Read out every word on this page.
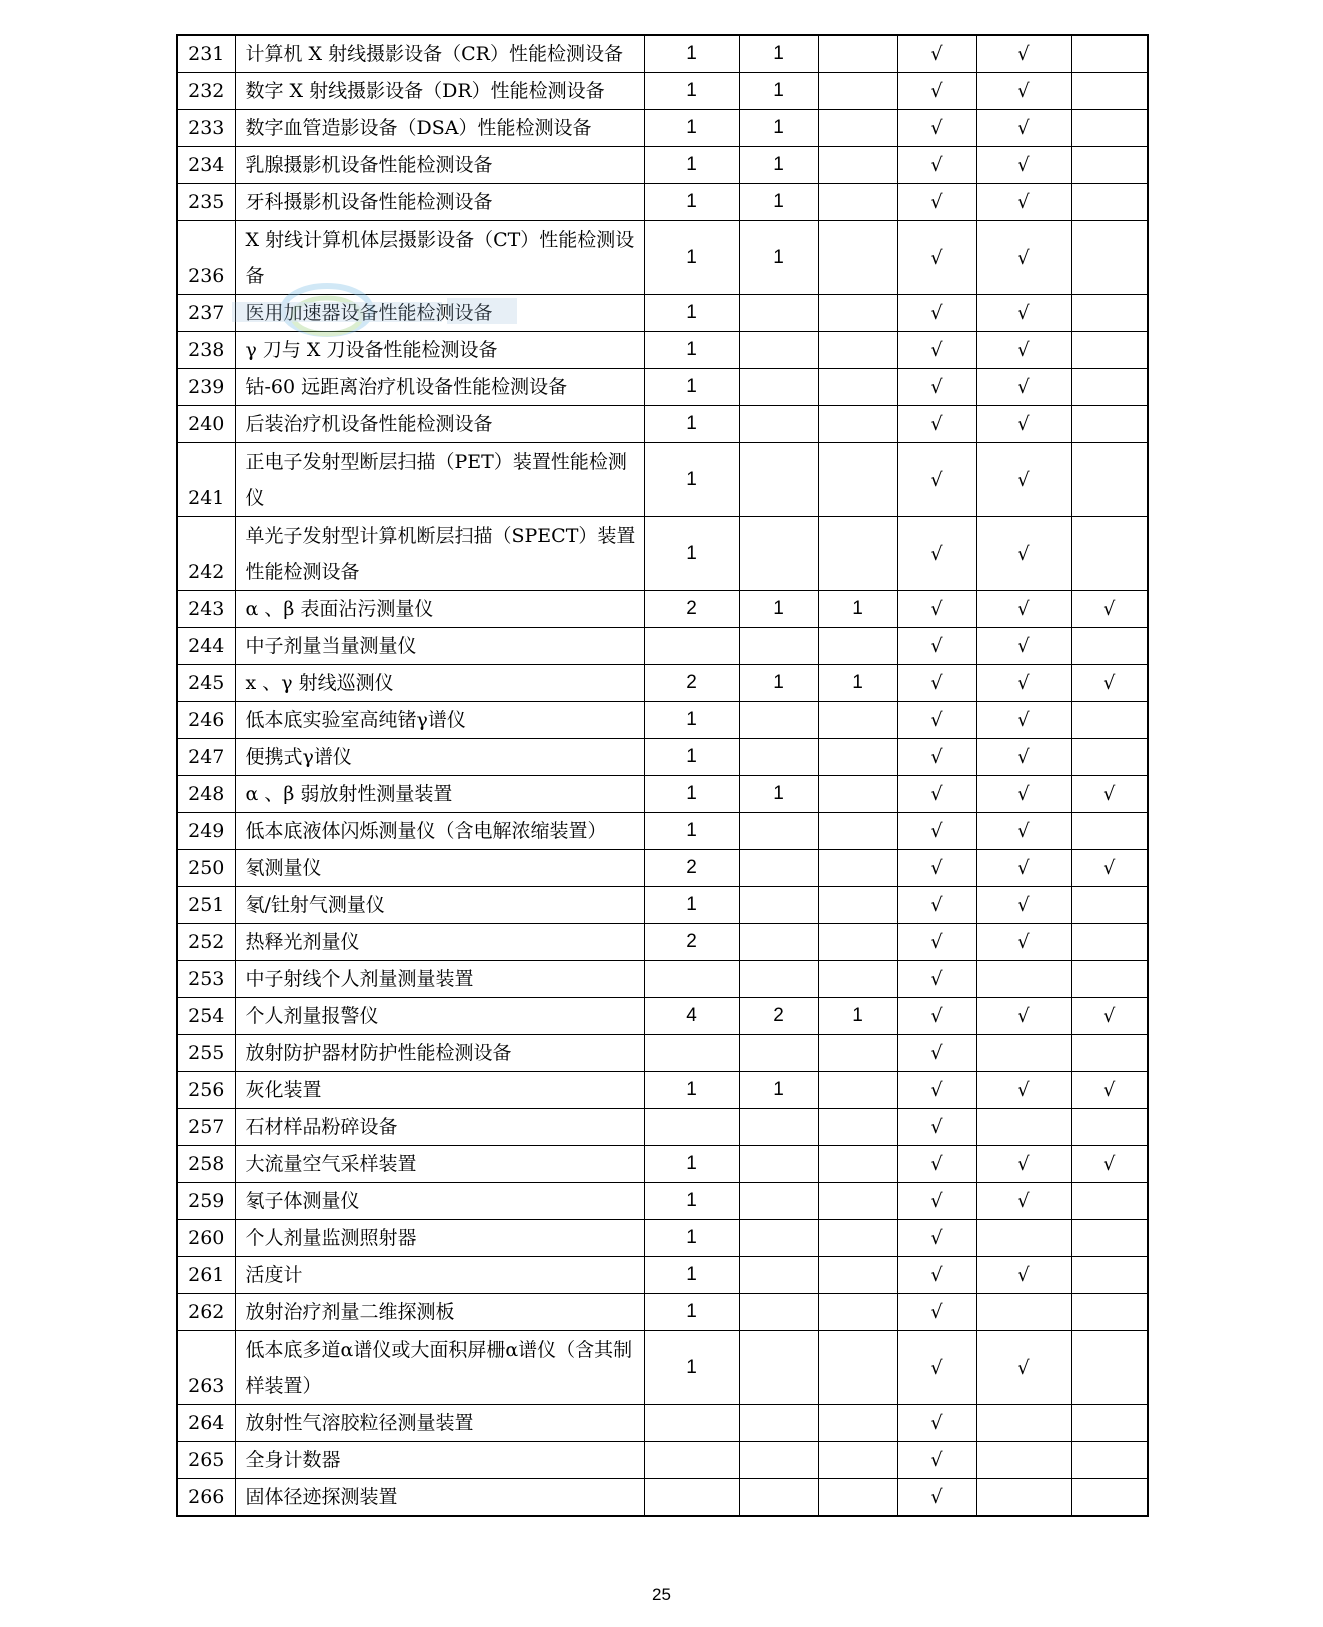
231	计算机 X 射线摄影设备（CR）性能检测设备	1	1		√	√	
232	数字 X 射线摄影设备（DR）性能检测设备	1	1		√	√	
233	数字血管造影设备（DSA）性能检测设备	1	1		√	√	
234	乳腺摄影机设备性能检测设备	1	1		√	√	
235	牙科摄影机设备性能检测设备	1	1		√	√	
236	X 射线计算机体层摄影设备（CT）性能检测设备	1	1		√	√	
237	医用加速器设备性能检测设备	1			√	√	
238	γ 刀与 X 刀设备性能检测设备	1			√	√	
239	钴-60 远距离治疗机设备性能检测设备	1			√	√	
240	后装治疗机设备性能检测设备	1			√	√	
241	正电子发射型断层扫描（PET）装置性能检测仪	1			√	√	
242	单光子发射型计算机断层扫描（SPECT）装置性能检测设备	1			√	√	
243	α 、β 表面沾污测量仪	2	1	1	√	√	√
244	中子剂量当量测量仪				√	√	
245	x 、γ 射线巡测仪	2	1	1	√	√	√
246	低本底实验室高纯锗γ谱仪	1			√	√	
247	便携式γ谱仪	1			√	√	
248	α 、β 弱放射性测量装置	1	1		√	√	√
249	低本底液体闪烁测量仪（含电解浓缩装置）	1			√	√	
250	氡测量仪	2			√	√	√
251	氡/钍射气测量仪	1			√	√	
252	热释光剂量仪	2			√	√	
253	中子射线个人剂量测量装置				√		
254	个人剂量报警仪	4	2	1	√	√	√
255	放射防护器材防护性能检测设备				√		
256	灰化装置	1	1		√	√	√
257	石材样品粉碎设备				√		
258	大流量空气采样装置	1			√	√	√
259	氡子体测量仪	1			√	√	
260	个人剂量监测照射器	1			√		
261	活度计	1			√	√	
262	放射治疗剂量二维探测板	1			√		
263	低本底多道α谱仪或大面积屏栅α谱仪（含其制样装置）	1			√	√	
264	放射性气溶胶粒径测量装置				√		
265	全身计数器				√		
266	固体径迹探测装置				√		
25
